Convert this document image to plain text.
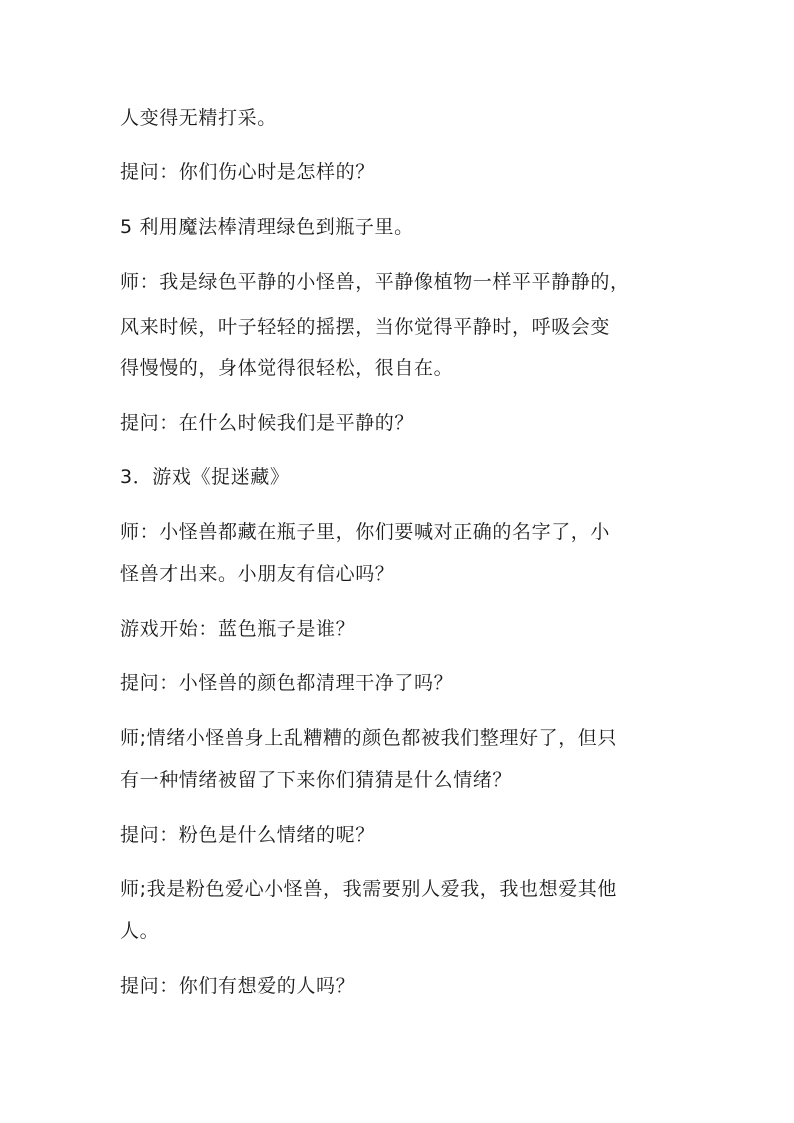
人变得无精打采。
提问：你们伤心时是怎样的？
5 利用魔法棒清理绿色到瓶子里。
师：我是绿色平静的小怪兽，平静像植物一样平平静静的，
风来时候，叶子轻轻的摇摆，当你觉得平静时，呼吸会变
得慢慢的，身体觉得很轻松，很自在。
提问：在什么时候我们是平静的？
3．游戏《捉迷藏》
师：小怪兽都藏在瓶子里，你们要喊对正确的名字了，小
怪兽才出来。小朋友有信心吗？
游戏开始：蓝色瓶子是谁？
提问：小怪兽的颜色都清理干净了吗？
师;情绪小怪兽身上乱糟糟的颜色都被我们整理好了，但只
有一种情绪被留了下来你们猜猜是什么情绪？
提问：粉色是什么情绪的呢？
师;我是粉色爱心小怪兽，我需要别人爱我，我也想爱其他
人。
提问：你们有想爱的人吗？
